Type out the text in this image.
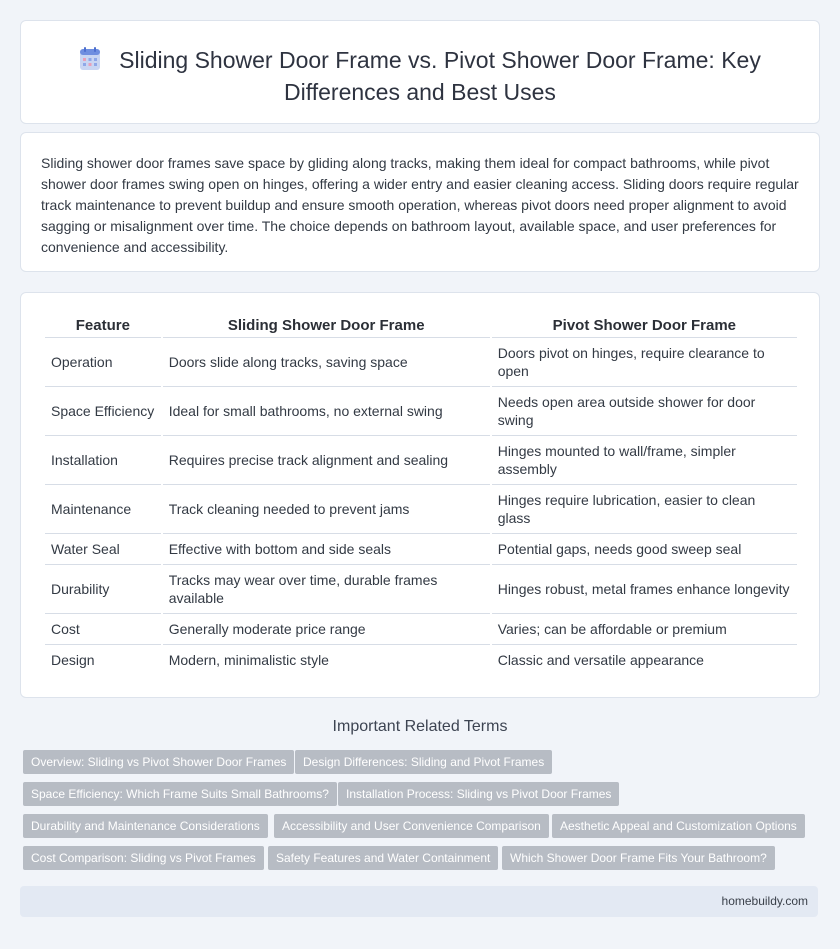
Sliding Shower Door Frame vs. Pivot Shower Door Frame: Key
Differences and Best Uses

Sliding shower door frames save space by gliding along tracks, making them ideal for compact bathrooms, while pivot shower door frames swing open on hinges, offering a wider entry and easier cleaning access. Sliding doors require regular track maintenance to prevent buildup and ensure smooth operation, whereas pivot doors need proper alignment to avoid sagging or misalignment over time. The choice depends on bathroom layout, available space, and user preferences for convenience and accessibility.

Feature	Sliding Shower Door Frame	Pivot Shower Door Frame
Operation	Doors slide along tracks, saving space	Doors pivot on hinges, require clearance to open
Space Efficiency	Ideal for small bathrooms, no external swing	Needs open area outside shower for door swing
Installation	Requires precise track alignment and sealing	Hinges mounted to wall/frame, simpler assembly
Maintenance	Track cleaning needed to prevent jams	Hinges require lubrication, easier to clean glass
Water Seal	Effective with bottom and side seals	Potential gaps, needs good sweep seal
Durability	Tracks may wear over time, durable frames available	Hinges robust, metal frames enhance longevity
Cost	Generally moderate price range	Varies; can be affordable or premium
Design	Modern, minimalistic style	Classic and versatile appearance
Important Related Terms
Overview: Sliding vs Pivot Shower Door Frames	Design Differences: Sliding and Pivot Frames
Space Efficiency: Which Frame Suits Small Bathrooms?	Installation Process: Sliding vs Pivot Door Frames
Durability and Maintenance Considerations	Accessibility and User Convenience Comparison	Aesthetic Appeal and Customization Options
Cost Comparison: Sliding vs Pivot Frames	Safety Features and Water Containment	Which Shower Door Frame Fits Your Bathroom?
homebuildy.com
